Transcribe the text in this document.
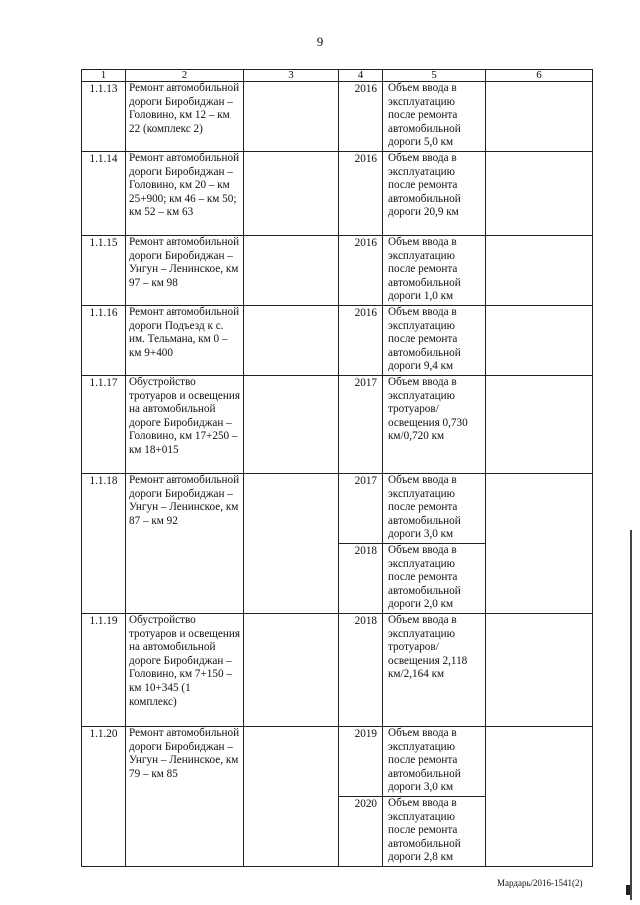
9
1	2	3	4	5	6
1.1.13	Ремонт автомобильной дороги Биробиджан – Головино, км 12 – км 22 (комплекс 2)		2016	Объем ввода в эксплуатацию после ремонта автомобильной дороги 5,0 км	
1.1.14	Ремонт автомобильной дороги Биробиджан – Головино, км 20 – км 25+900; км 46 – км 50; км 52 – км 63		2016	Объем ввода в эксплуатацию после ремонта автомобильной дороги 20,9 км	
1.1.15	Ремонт автомобильной дороги Биробиджан – Унгун – Ленинское, км 97 – км 98		2016	Объем ввода в эксплуатацию после ремонта автомобильной дороги 1,0 км	
1.1.16	Ремонт автомобильной дороги Подъезд к с. им. Тельмана, км 0 – км 9+400		2016	Объем ввода в эксплуатацию после ремонта автомобильной дороги 9,4 км	
1.1.17	Обустройство тротуаров и освещения на автомобильной дороге Биробиджан – Головино, км 17+250 – км 18+015		2017	Объем ввода в эксплуатацию тротуаров/ освещения 0,730 км/0,720 км	
1.1.18	Ремонт автомобильной дороги Биробиджан – Унгун – Ленинское, км 87 – км 92		2017	Объем ввода в эксплуатацию после ремонта автомобильной дороги 3,0 км	
			2018	Объем ввода в эксплуатацию после ремонта автомобильной дороги 2,0 км	
1.1.19	Обустройство тротуаров и освещения на автомобильной дороге Биробиджан – Головино, км 7+150 – км 10+345 (1 комплекс)		2018	Объем ввода в эксплуатацию тротуаров/ освещения 2,118 км/2,164 км	
1.1.20	Ремонт автомобильной дороги Биробиджан – Унгун – Ленинское, км 79 – км 85		2019	Объем ввода в эксплуатацию после ремонта автомобильной дороги 3,0 км	
			2020	Объем ввода в эксплуатацию после ремонта автомобильной дороги 2,8 км	
Мардарь/2016-1541(2)
